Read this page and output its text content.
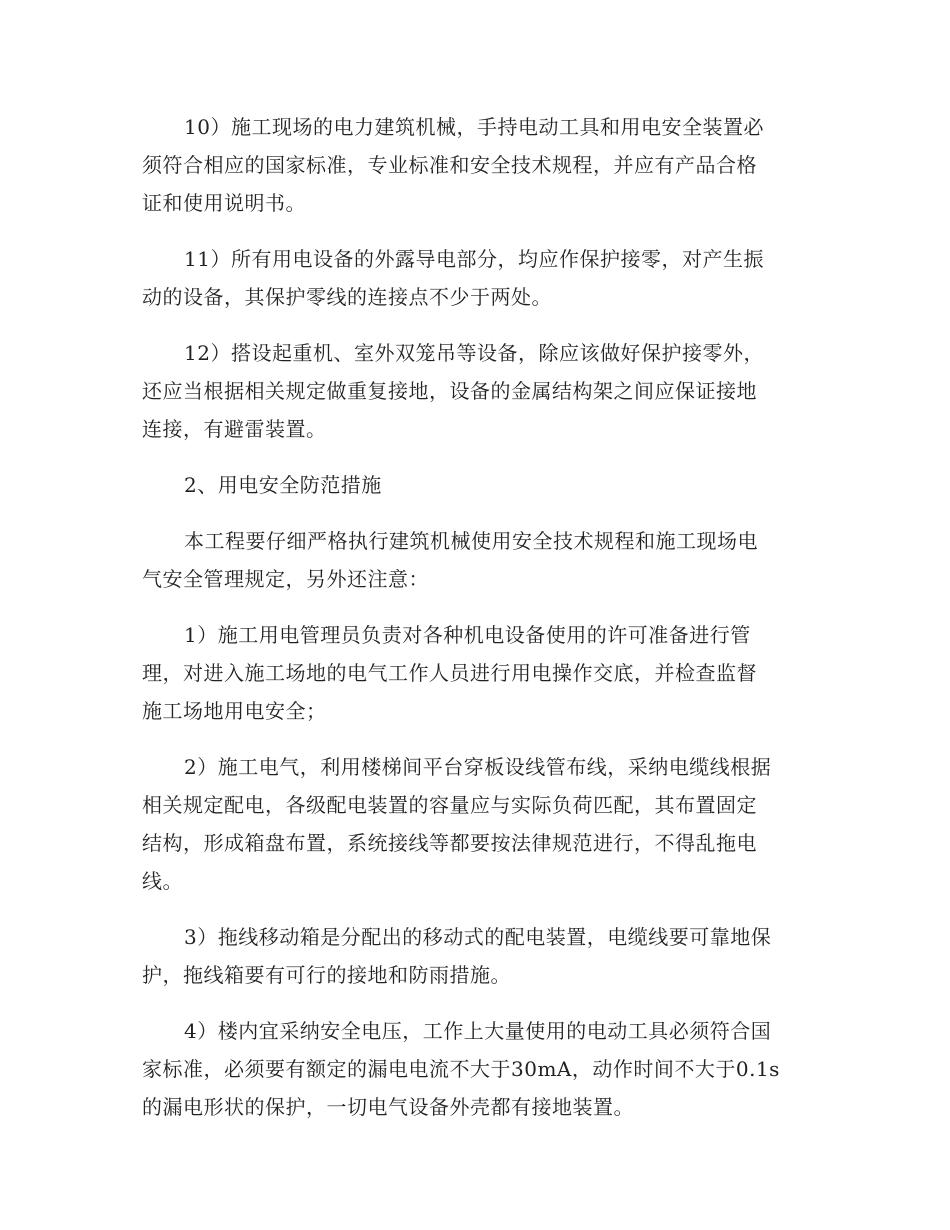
10）施工现场的电力建筑机械，手持电动工具和用电安全装置必
须符合相应的国家标准，专业标准和安全技术规程，并应有产品合格
证和使用说明书。
11）所有用电设备的外露导电部分，均应作保护接零，对产生振
动的设备，其保护零线的连接点不少于两处。
12）搭设起重机、室外双笼吊等设备，除应该做好保护接零外，
还应当根据相关规定做重复接地，设备的金属结构架之间应保证接地
连接，有避雷装置。
2、用电安全防范措施
本工程要仔细严格执行建筑机械使用安全技术规程和施工现场电
气安全管理规定，另外还注意：
1）施工用电管理员负责对各种机电设备使用的许可准备进行管
理，对进入施工场地的电气工作人员进行用电操作交底，并检查监督
施工场地用电安全；
2）施工电气，利用楼梯间平台穿板设线管布线，采纳电缆线根据
相关规定配电，各级配电装置的容量应与实际负荷匹配，其布置固定
结构，形成箱盘布置，系统接线等都要按法律规范进行，不得乱拖电
线。
3）拖线移动箱是分配出的移动式的配电装置，电缆线要可靠地保
护，拖线箱要有可行的接地和防雨措施。
4）楼内宜采纳安全电压，工作上大量使用的电动工具必须符合国
家标准，必须要有额定的漏电电流不大于30mA，动作时间不大于0.1s
的漏电形状的保护，一切电气设备外壳都有接地装置。
